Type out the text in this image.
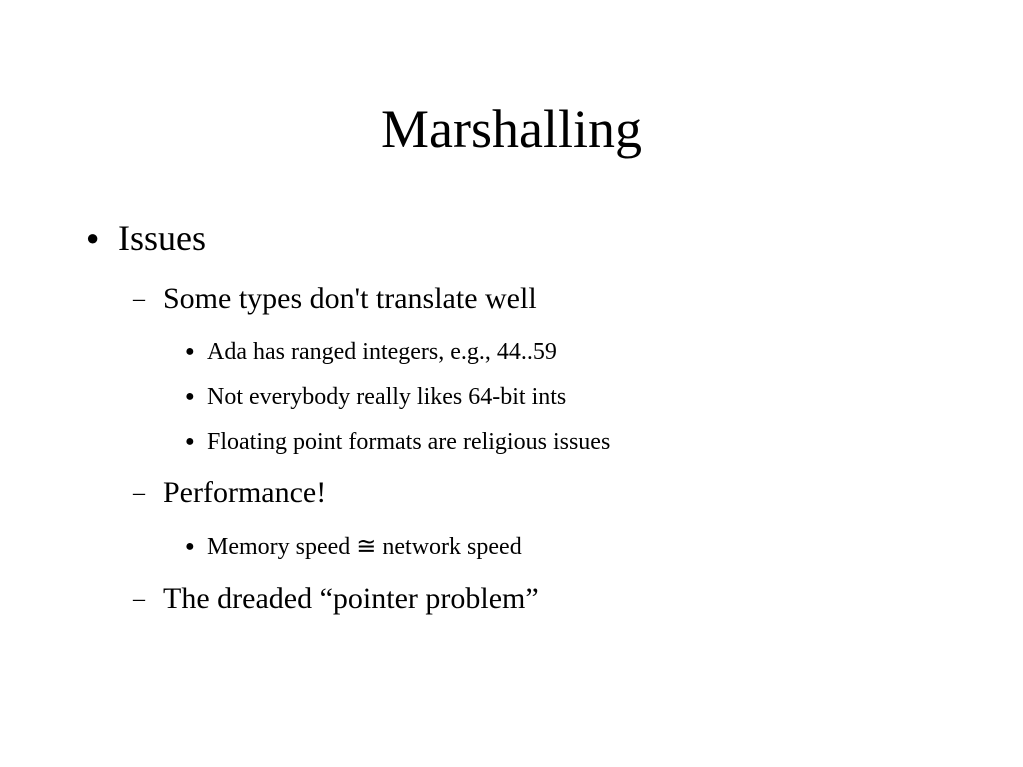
Marshalling
● Issues
– Some types don't translate well
● Ada has ranged integers, e.g., 44..59
● Not everybody really likes 64-bit ints
● Floating point formats are religious issues
– Performance!
● Memory speed ≅ network speed
– The dreaded “pointer problem”
